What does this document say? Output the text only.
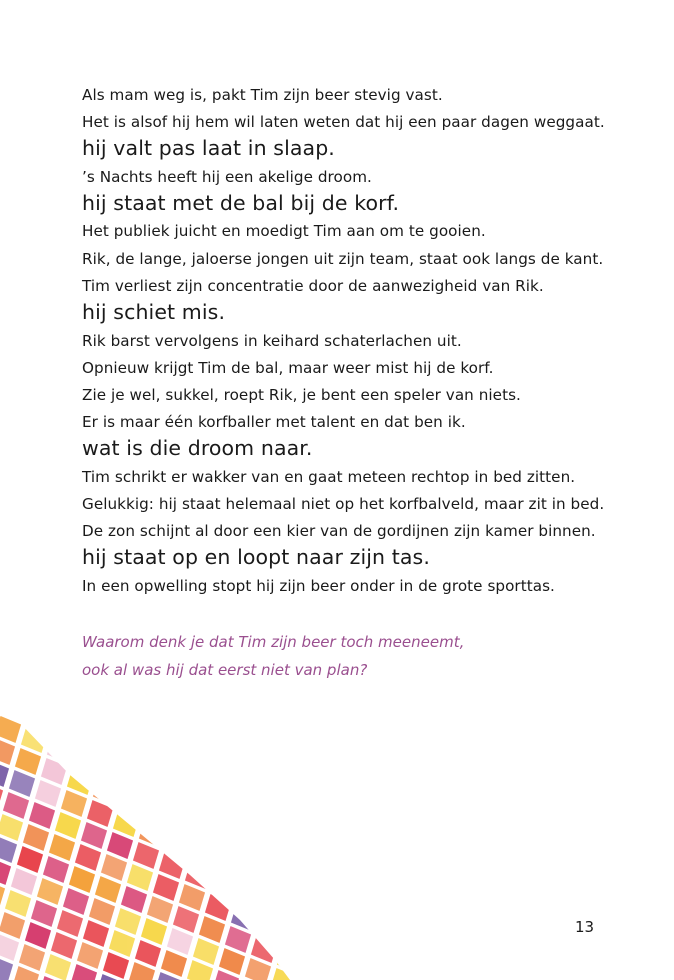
Als mam weg is, pakt Tim zijn beer stevig vast.
Het is alsof hij hem wil laten weten dat hij een paar dagen weggaat.
hij valt pas laat in slaap.
’s Nachts heeft hij een akelige droom.
hij staat met de bal bij de korf.
Het publiek juicht en moedigt Tim aan om te gooien.
Rik, de lange, jaloerse jongen uit zijn team, staat ook langs de kant.
Tim verliest zijn concentratie door de aanwezigheid van Rik.
hij schiet mis.
Rik barst vervolgens in keihard schaterlachen uit.
Opnieuw krijgt Tim de bal, maar weer mist hij de korf.
Zie je wel, sukkel, roept Rik, je bent een speler van niets.
Er is maar één korfballer met talent en dat ben ik.
wat is die droom naar.
Tim schrikt er wakker van en gaat meteen rechtop in bed zitten.
Gelukkig: hij staat helemaal niet op het korfbalveld, maar zit in bed.
De zon schijnt al door een kier van de gordijnen zijn kamer binnen.
hij staat op en loopt naar zijn tas.
In een opwelling stopt hij zijn beer onder in de grote sporttas.
Waarom denk je dat Tim zijn beer toch meeneemt,
ook al was hij dat eerst niet van plan?
13
